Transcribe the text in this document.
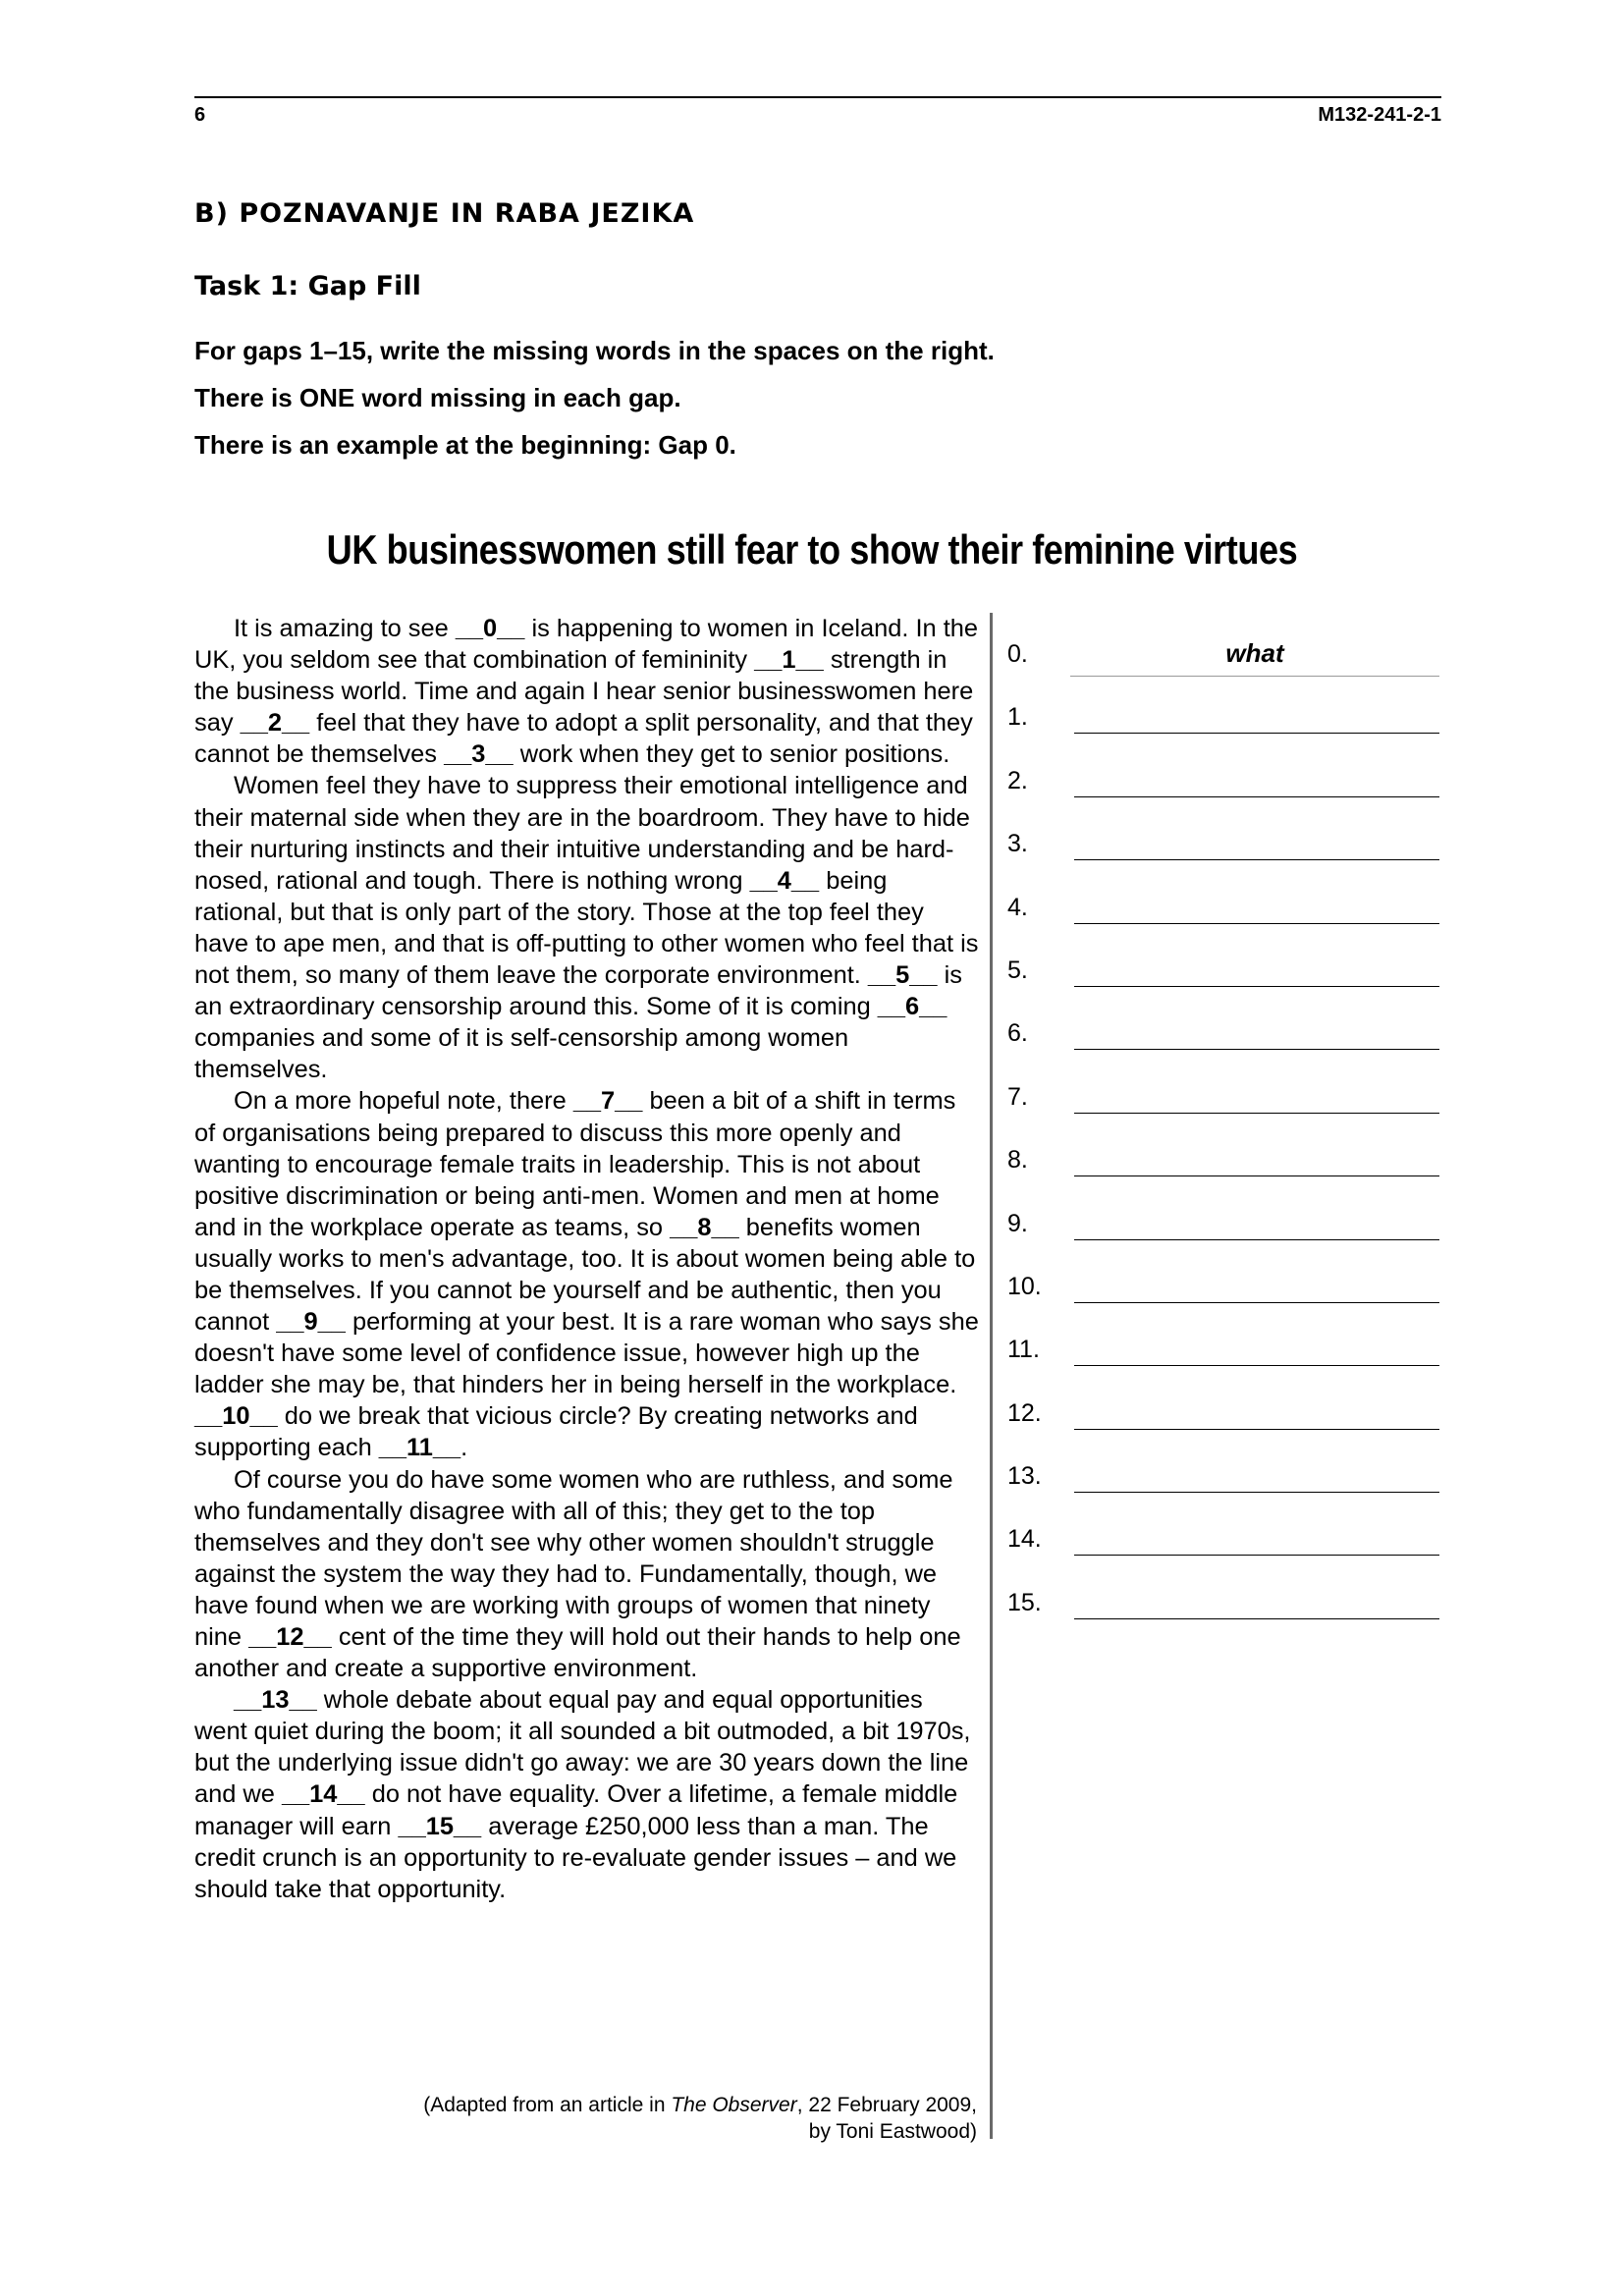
6	M132-241-2-1
B) POZNAVANJE IN RABA JEZIKA
Task 1: Gap Fill

For gaps 1–15, write the missing words in the spaces on the right.

There is ONE word missing in each gap.

There is an example at the beginning: Gap 0.

UK businesswomen still fear to show their feminine virtues

It is amazing to see __0__ is happening to women in Iceland. In the UK, you seldom see that combination of femininity __1__ strength in the business world. Time and again I hear senior businesswomen here say __2__ feel that they have to adopt a split personality, and that they cannot be themselves __3__ work when they get to senior positions.

Women feel they have to suppress their emotional intelligence and their maternal side when they are in the boardroom. They have to hide their nurturing instincts and their intuitive understanding and be hard-nosed, rational and tough. There is nothing wrong __4__ being rational, but that is only part of the story. Those at the top feel they have to ape men, and that is off-putting to other women who feel that is not them, so many of them leave the corporate environment. __5__ is an extraordinary censorship around this. Some of it is coming __6__ companies and some of it is self-censorship among women themselves.

On a more hopeful note, there __7__ been a bit of a shift in terms of organisations being prepared to discuss this more openly and wanting to encourage female traits in leadership. This is not about positive discrimination or being anti-men. Women and men at home and in the workplace operate as teams, so __8__ benefits women usually works to men's advantage, too. It is about women being able to be themselves. If you cannot be yourself and be authentic, then you cannot __9__ performing at your best. It is a rare woman who says she doesn't have some level of confidence issue, however high up the ladder she may be, that hinders her in being herself in the workplace. __10__ do we break that vicious circle? By creating networks and supporting each __11__.

Of course you do have some women who are ruthless, and some who fundamentally disagree with all of this; they get to the top themselves and they don't see why other women shouldn't struggle against the system the way they had to. Fundamentally, though, we have found when we are working with groups of women that ninety nine __12__ cent of the time they will hold out their hands to help one another and create a supportive environment.

__13__ whole debate about equal pay and equal opportunities went quiet during the boom; it all sounded a bit outmoded, a bit 1970s, but the underlying issue didn't go away: we are 30 years down the line and we __14__ do not have equality. Over a lifetime, a female middle manager will earn __15__ average £250,000 less than a man. The credit crunch is an opportunity to re-evaluate gender issues – and we should take that opportunity.

(Adapted from an article in The Observer, 22 February 2009,
by Toni Eastwood)
0.	what
1.
2.
3.
4.
5.
6.
7.
8.
9.
10.
11.
12.
13.
14.
15.
